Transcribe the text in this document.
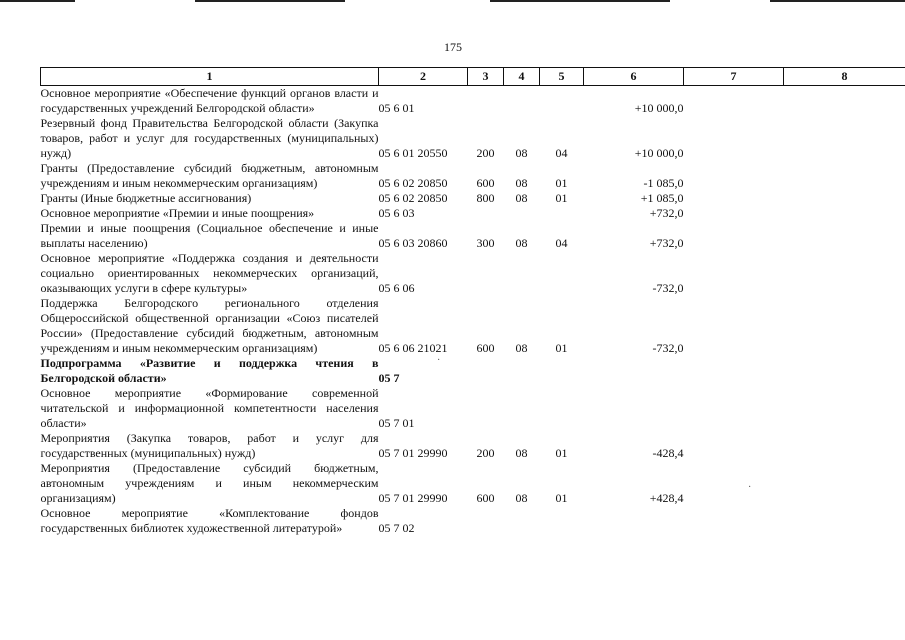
175
1	2	3	4	5	6	7	8
Основное мероприятие «Обеспечение функций органов власти и государственных учреждений Белгородской области»	05 6 01				+10 000,0		
Резервный фонд Правительства Белгородской области (Закупка товаров, работ и услуг для государственных (муниципальных) нужд)	05 6 01 20550	200	08	04	+10 000,0		
Гранты (Предоставление субсидий бюджетным, автономным учреждениям и иным некоммерческим организациям)	05 6 02 20850	600	08	01	-1 085,0		
Гранты (Иные бюджетные ассигнования)	05 6 02 20850	800	08	01	+1 085,0		
Основное мероприятие «Премии и иные поощрения»	05 6 03				+732,0		
Премии и иные поощрения (Социальное обеспечение и иные выплаты населению)	05 6 03 20860	300	08	04	+732,0		
Основное мероприятие «Поддержка создания и деятельности социально ориентированных некоммерческих организаций, оказывающих услуги в сфере культуры»	05 6 06				-732,0		
Поддержка Белгородского регионального отделения Общероссийской общественной организации «Союз писателей России» (Предоставление субсидий бюджетным, автономным учреждениям и иным некоммерческим организациям)	05 6 06 21021	600	08	01	-732,0		
Подпрограмма «Развитие и поддержка чтения в Белгородской области»	05 7						
Основное мероприятие «Формирование современной читательской и информационной компетентности населения области»	05 7 01						
Мероприятия (Закупка товаров, работ и услуг для государственных (муниципальных) нужд)	05 7 01 29990	200	08	01	-428,4		
Мероприятия (Предоставление субсидий бюджетным, автономным учреждениям и иным некоммерческим организациям)	05 7 01 29990	600	08	01	+428,4		
Основное мероприятие «Комплектование фондов государственных библиотек художественной литературой»	05 7 02						
·
·
